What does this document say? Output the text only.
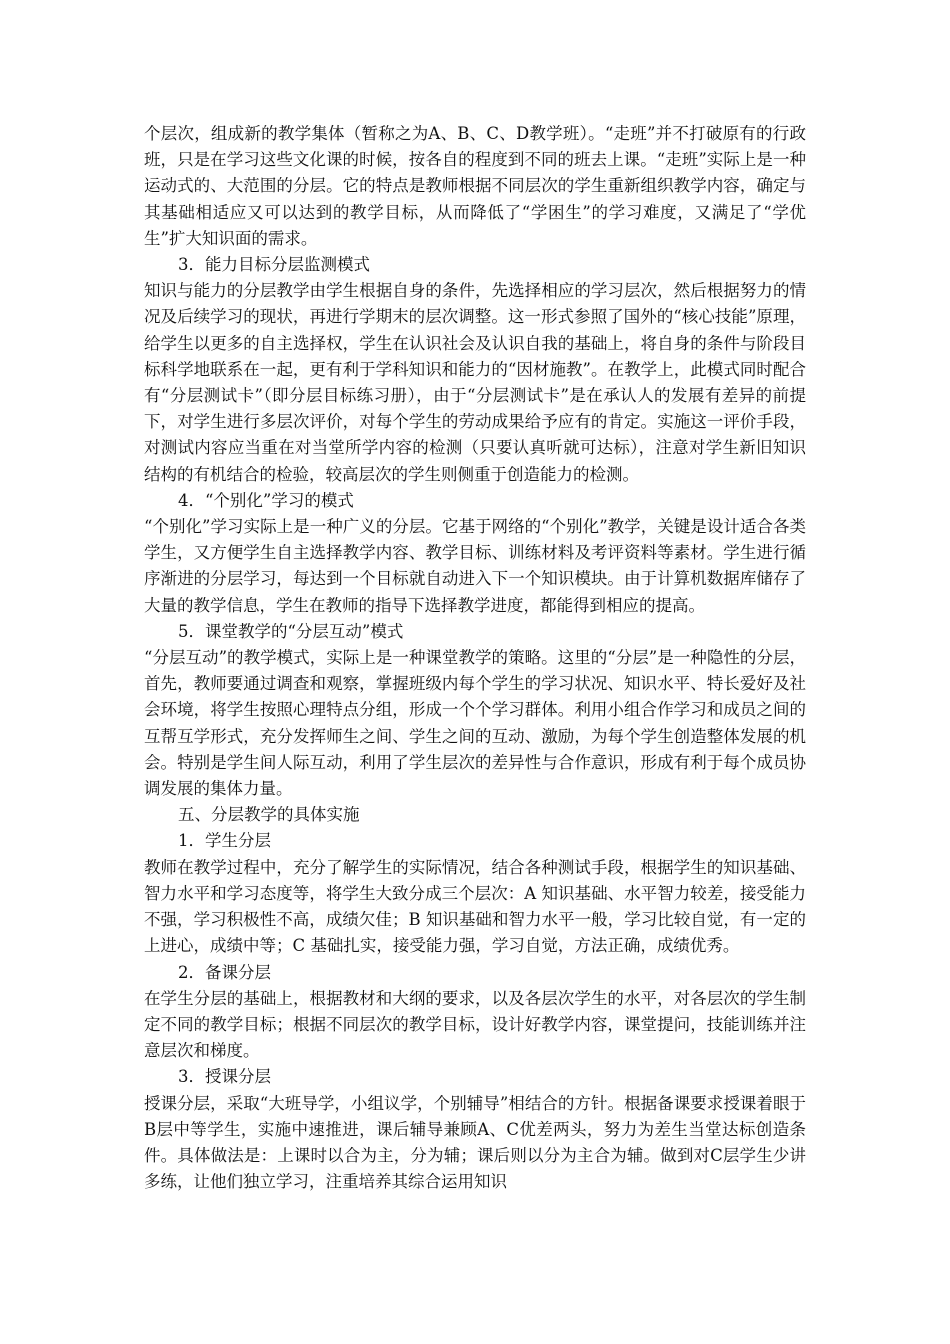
个层次，组成新的教学集体（暂称之为A、B、C、D教学班）。“走班”并不打破原有的行政班，只是在学习这些文化课的时候，按各自的程度到不同的班去上课。“走班”实际上是一种运动式的、大范围的分层。它的特点是教师根据不同层次的学生重新组织教学内容，确定与其基础相适应又可以达到的教学目标，从而降低了“学困生”的学习难度，又满足了“学优生”扩大知识面的需求。

3．能力目标分层监测模式

知识与能力的分层教学由学生根据自身的条件，先选择相应的学习层次，然后根据努力的情况及后续学习的现状，再进行学期末的层次调整。这一形式参照了国外的“核心技能”原理，给学生以更多的自主选择权，学生在认识社会及认识自我的基础上，将自身的条件与阶段目标科学地联系在一起，更有利于学科知识和能力的“因材施教”。在教学上，此模式同时配合有“分层测试卡”（即分层目标练习册），由于“分层测试卡”是在承认人的发展有差异的前提下，对学生进行多层次评价，对每个学生的劳动成果给予应有的肯定。实施这一评价手段，对测试内容应当重在对当堂所学内容的检测（只要认真听就可达标），注意对学生新旧知识结构的有机结合的检验，较高层次的学生则侧重于创造能力的检测。

4．“个别化”学习的模式

“个别化”学习实际上是一种广义的分层。它基于网络的“个别化”教学，关键是设计适合各类学生，又方便学生自主选择教学内容、教学目标、训练材料及考评资料等素材。学生进行循序渐进的分层学习，每达到一个目标就自动进入下一个知识模块。由于计算机数据库储存了大量的教学信息，学生在教师的指导下选择教学进度，都能得到相应的提高。

5．课堂教学的“分层互动”模式

“分层互动”的教学模式，实际上是一种课堂教学的策略。这里的“分层”是一种隐性的分层，首先，教师要通过调查和观察，掌握班级内每个学生的学习状况、知识水平、特长爱好及社会环境，将学生按照心理特点分组，形成一个个学习群体。利用小组合作学习和成员之间的互帮互学形式，充分发挥师生之间、学生之间的互动、激励，为每个学生创造整体发展的机会。特别是学生间人际互动，利用了学生层次的差异性与合作意识，形成有利于每个成员协调发展的集体力量。

五、分层教学的具体实施

1．学生分层

教师在教学过程中，充分了解学生的实际情况，结合各种测试手段，根据学生的知识基础、智力水平和学习态度等，将学生大致分成三个层次：A 知识基础、水平智力较差，接受能力不强，学习积极性不高，成绩欠佳；B 知识基础和智力水平一般，学习比较自觉，有一定的上进心，成绩中等；C 基础扎实，接受能力强，学习自觉，方法正确，成绩优秀。

2．备课分层

在学生分层的基础上，根据教材和大纲的要求，以及各层次学生的水平，对各层次的学生制定不同的教学目标；根据不同层次的教学目标，设计好教学内容，课堂提问，技能训练并注意层次和梯度。

3．授课分层

授课分层，采取“大班导学，小组议学，个别辅导”相结合的方针。根据备课要求授课着眼于B层中等学生，实施中速推进，课后辅导兼顾A、C优差两头，努力为差生当堂达标创造条件。具体做法是：上课时以合为主，分为辅；课后则以分为主合为辅。做到对C层学生少讲多练，让他们独立学习，注重培养其综合运用知识
